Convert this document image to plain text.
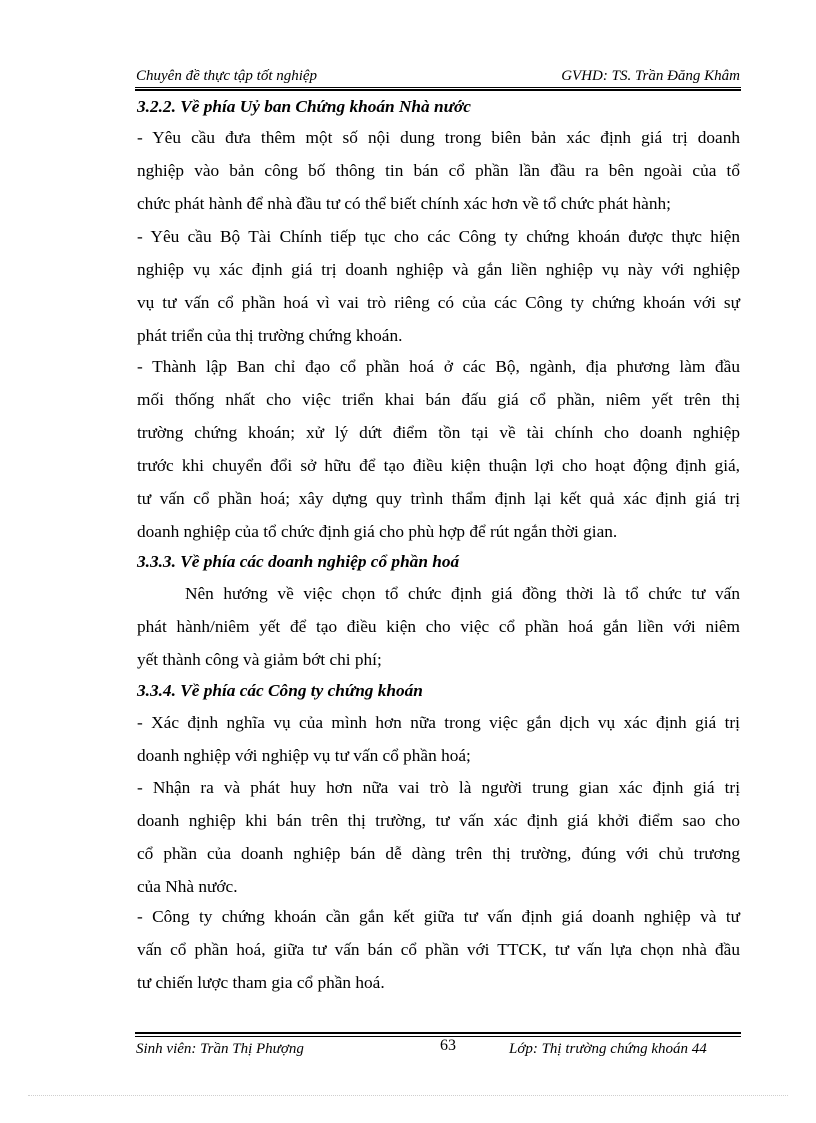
Chuyên đề thực tập tốt nghiệp	GVHD: TS. Trần Đăng Khâm
3.2.2. Về phía Uỷ ban Chứng khoán Nhà nước
- Yêu cầu đưa thêm một số nội dung trong biên bản xác định giá trị doanh
nghiệp vào bản công bố thông tin bán cổ phần lần đầu ra bên ngoài của tổ
chức phát hành để nhà đầu tư có thể biết chính xác hơn về tổ chức phát hành;
- Yêu cầu Bộ Tài Chính tiếp tục cho các Công ty chứng khoán được thực hiện
nghiệp vụ xác định giá trị doanh nghiệp và gắn liền nghiệp vụ này với nghiệp
vụ tư vấn cổ phần hoá vì vai trò riêng có của các Công ty chứng khoán với sự
phát triển của thị trường chứng khoán.
- Thành lập Ban chỉ đạo cổ phần hoá ở các Bộ, ngành, địa phương làm đầu
mối thống nhất cho việc triển khai bán đấu giá cổ phần, niêm yết trên thị
trường chứng khoán; xử lý dứt điểm tồn tại về tài chính cho doanh nghiệp
trước khi chuyển đổi sở hữu để tạo điều kiện thuận lợi cho hoạt động định giá,
tư vấn cổ phần hoá; xây dựng quy trình thẩm định lại kết quả xác định giá trị
doanh nghiệp của tổ chức định giá cho phù hợp để rút ngắn thời gian.
3.3.3. Về phía các doanh nghiệp cổ phần hoá
Nên hướng về việc chọn tổ chức định giá đồng thời là tổ chức tư vấn
phát hành/niêm yết để tạo điều kiện cho việc cổ phần hoá gắn liền với niêm
yết thành công và giảm bớt chi phí;
3.3.4. Về phía các Công ty chứng khoán
- Xác định nghĩa vụ của mình hơn nữa trong việc gắn dịch vụ xác định giá trị
doanh nghiệp với nghiệp vụ tư vấn cổ phần hoá;
- Nhận ra và phát huy hơn nữa vai trò là người trung gian xác định giá trị
doanh nghiệp khi bán trên thị trường, tư vấn xác định giá khởi điểm sao cho
cổ phần của doanh nghiệp bán dễ dàng trên thị trường, đúng với chủ trương
của Nhà nước.
- Công ty chứng khoán cần gắn kết giữa tư vấn định giá doanh nghiệp và tư
vấn cổ phần hoá, giữa tư vấn bán cổ phần với TTCK, tư vấn lựa chọn nhà đầu
tư chiến lược tham gia cổ phần hoá.
Sinh viên: Trần Thị Phượng	63	Lớp: Thị trường chứng khoán 44
